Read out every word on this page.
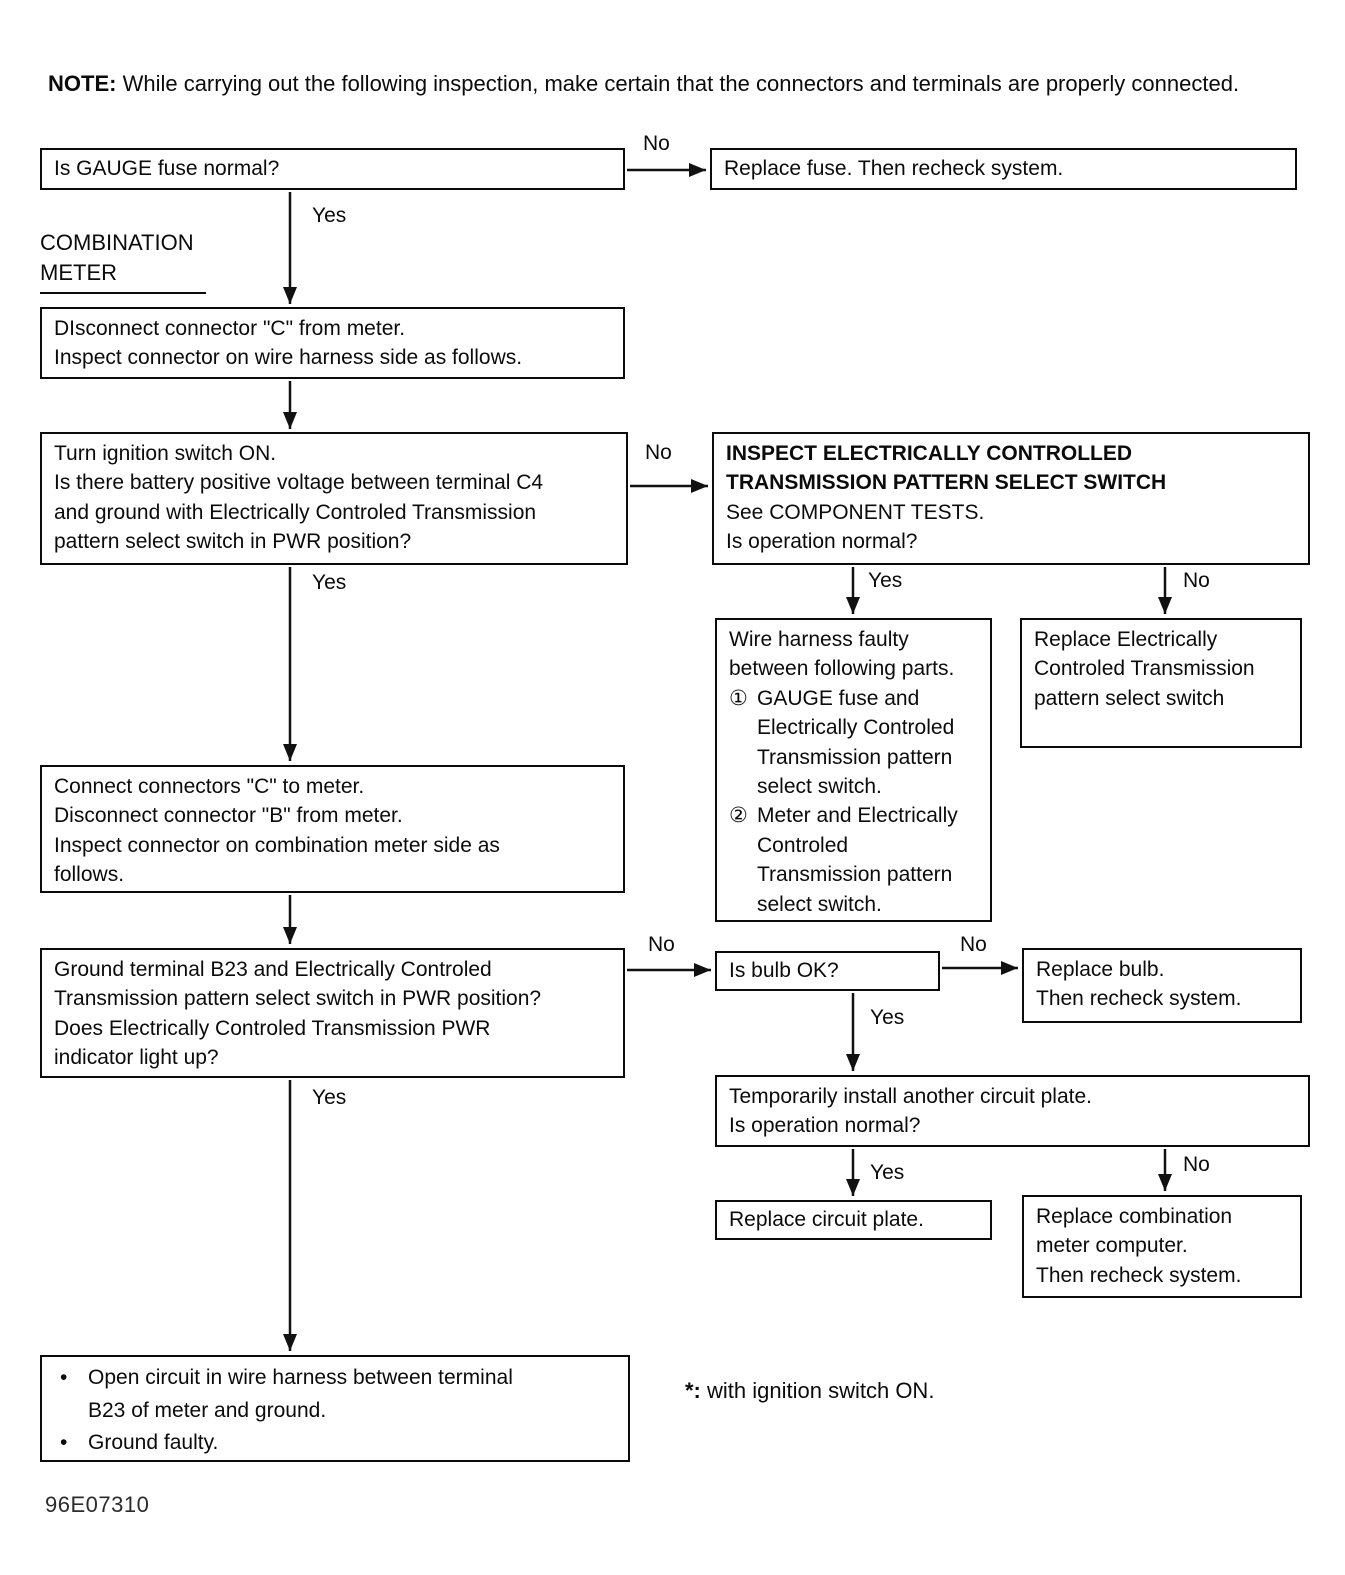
NOTE: While carrying out the following inspection, make certain that the connectors and terminals are properly connected.
COMBINATION
METER
Is GAUGE fuse normal?	Replace fuse. Then recheck system.
DIsconnect connector "C" from meter.
Inspect connector on wire harness side as follows.
Turn ignition switch ON.
Is there battery positive voltage between terminal C4
and ground with Electrically Controled Transmission
pattern select switch in PWR position?
INSPECT ELECTRICALLY CONTROLLED
TRANSMISSION PATTERN SELECT SWITCH
See COMPONENT TESTS.
Is operation normal?
Wire harness faulty
between following parts.
① GAUGE fuse and
Electrically Controled
Transmission pattern
select switch.
② Meter and Electrically
Controled
Transmission pattern
select switch.
Replace Electrically
Controled Transmission
pattern select switch
Connect connectors "C" to meter.
Disconnect connector "B" from meter.
Inspect connector on combination meter side as
follows.
Ground terminal B23 and Electrically Controled
Transmission pattern select switch in PWR position?
Does Electrically Controled Transmission PWR
indicator light up?
Is bulb OK?	Replace bulb.
Then recheck system.
Temporarily install another circuit plate.
Is operation normal?
Replace circuit plate.	Replace combination
meter computer.
Then recheck system.
• Open circuit in wire harness between terminal
B23 of meter and ground.
• Ground faulty.
No
Yes
No
Yes	No
Yes
No	No
Yes
Yes	No
Yes
*: with ignition switch ON.
96E07310
